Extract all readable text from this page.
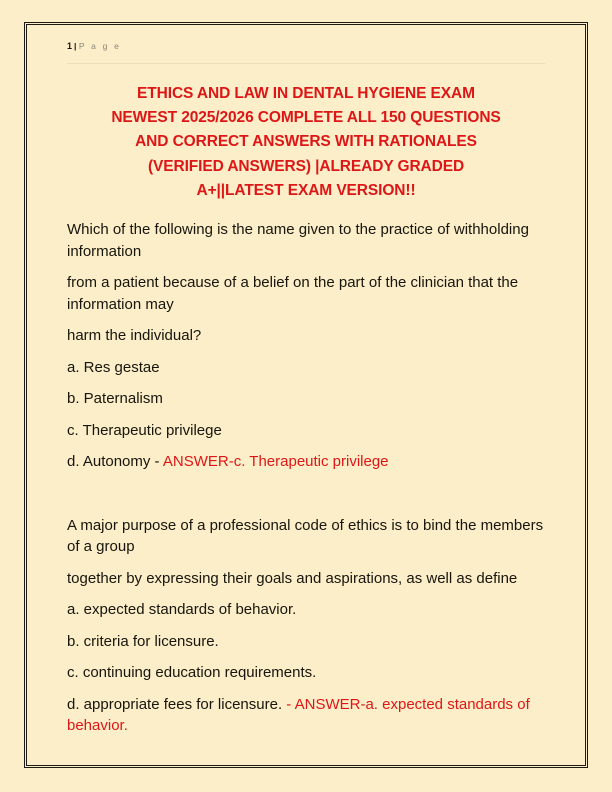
1 | P a g e
ETHICS AND LAW IN DENTAL HYGIENE EXAM
NEWEST 2025/2026 COMPLETE ALL 150 QUESTIONS
AND CORRECT ANSWERS WITH RATIONALES
(VERIFIED ANSWERS) |ALREADY GRADED
A+||LATEST EXAM VERSION!!

Which of the following is the name given to the practice of withholding information

from a patient because of a belief on the part of the clinician that the information may

harm the individual?

a. Res gestae

b. Paternalism

c. Therapeutic privilege

d. Autonomy - ANSWER-c. Therapeutic privilege

A major purpose of a professional code of ethics is to bind the members of a group

together by expressing their goals and aspirations, as well as define

a. expected standards of behavior.

b. criteria for licensure.

c. continuing education requirements.

d. appropriate fees for licensure. - ANSWER-a. expected standards of behavior.
